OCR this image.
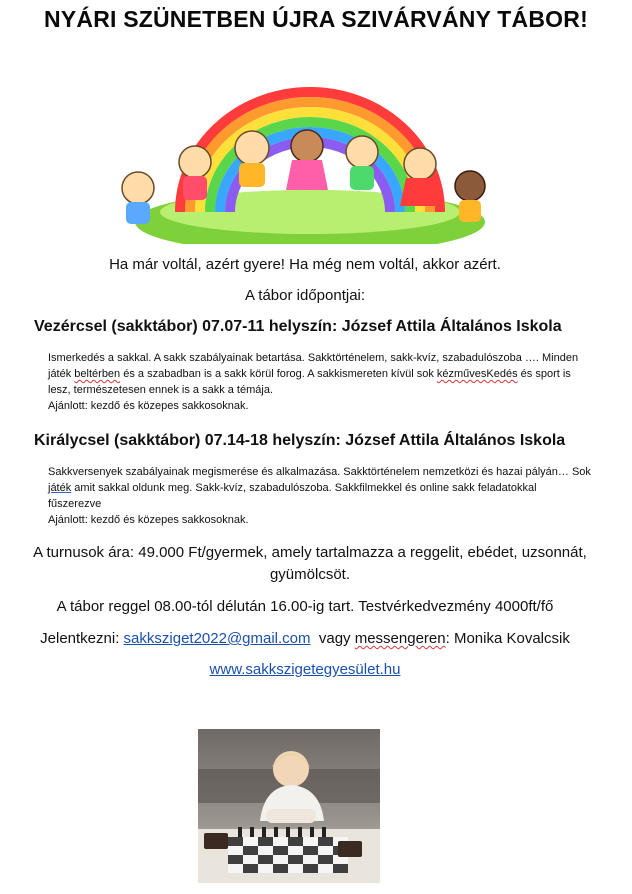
NYÁRI SZÜNETBEN ÚJRA SZIVÁRVÁNY TÁBOR!
Ha már voltál, azért gyere! Ha még nem voltál, akkor azért.
A tábor időpontjai:
Vezércsel (sakktábor) 07.07-11 helyszín: József Attila Általános Iskola
Ismerkedés a sakkal. A sakk szabályainak betartása. Sakktörténelem, sakk-kvíz, szabadulószoba …. Minden
játék beltérben és a szabadban is a sakk körül forog. A sakkismereten kívül sok kézművesKedés és sport is
lesz, természetesen ennek is a sakk a témája.
Ajánlott: kezdő és közepes sakkosoknak.
Királycsel (sakktábor) 07.14-18 helyszín: József Attila Általános Iskola
Sakkversenyek szabályainak megismerése és alkalmazása. Sakktörténelem nemzetközi és hazai pályán… Sok
játék amit sakkal oldunk meg. Sakk-kvíz, szabadulószoba. Sakkfilmekkel és online sakk feladatokkal
fűszerezve
Ajánlott: kezdő és közepes sakkosoknak.
A turnusok ára: 49.000 Ft/gyermek, amely tartalmazza a reggelit, ebédet, uzsonnát,
gyümölcsöt.
A tábor reggel 08.00-tól délután 16.00-ig tart. Testvérkedvezmény 4000ft/fő
Jelentkezni: sakksziget2022@gmail.com  vagy messengeren: Monika Kovalcsik
www.sakkszigetegyesület.hu
